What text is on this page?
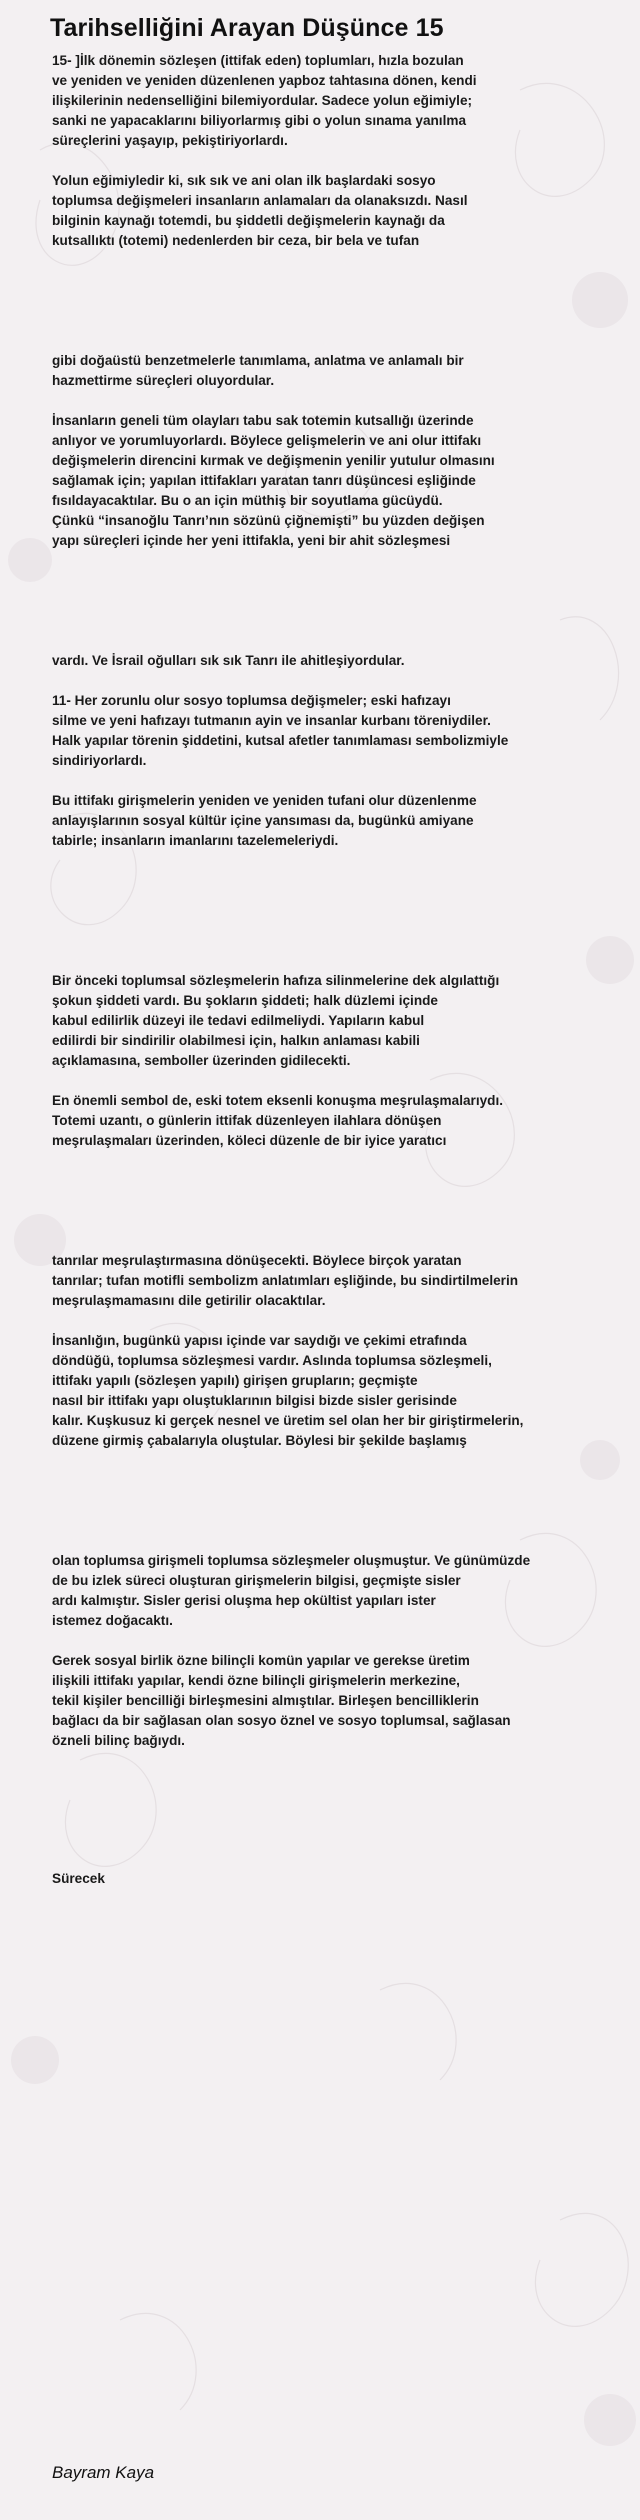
Tarihselliğini Arayan Düşünce 15
15- ]İlk dönemin sözleşen (ittifak eden) toplumları, hızla bozulan
ve yeniden ve yeniden düzenlenen yapboz tahtasına dönen, kendi
ilişkilerinin nedenselliğini bilemiyordular. Sadece yolun eğimiyle;
sanki ne yapacaklarını biliyorlarmış gibi o yolun sınama yanılma
süreçlerini yaşayıp, pekiştiriyorlardı.
Yolun eğimiyledir ki, sık sık ve ani olan ilk başlardaki sosyo
toplumsa değişmeleri insanların anlamaları da olanaksızdı. Nasıl
bilginin kaynağı totemdi, bu şiddetli değişmelerin kaynağı da
kutsallıktı (totemi) nedenlerden bir ceza, bir bela ve tufan
gibi doğaüstü benzetmelerle tanımlama, anlatma ve anlamalı bir
hazmettirme süreçleri oluyordular.
İnsanların geneli tüm olayları tabu sak totemin kutsallığı üzerinde
anlıyor ve yorumluyorlardı. Böylece gelişmelerin ve ani olur ittifakı
değişmelerin direncini kırmak ve değişmenin yenilir yutulur olmasını
sağlamak için; yapılan ittifakları yaratan tanrı düşüncesi eşliğinde
fısıldayacaktılar. Bu o an için müthiş bir soyutlama gücüydü.
Çünkü “insanoğlu Tanrı’nın sözünü çiğnemişti” bu yüzden değişen
yapı süreçleri içinde her yeni ittifakla, yeni bir ahit sözleşmesi
vardı. Ve İsrail oğulları sık sık Tanrı ile ahitleşiyordular.
11- Her zorunlu olur sosyo toplumsa değişmeler; eski hafızayı
silme ve yeni hafızayı tutmanın ayin ve insanlar kurbanı töreniydiler.
Halk yapılar törenin şiddetini, kutsal afetler tanımlaması sembolizmiyle
sindiriyorlardı.
Bu ittifakı girişmelerin yeniden ve yeniden tufani olur düzenlenme
anlayışlarının sosyal kültür içine yansıması da, bugünkü amiyane
tabirle; insanların imanlarını tazelemeleriydi.
Bir önceki toplumsal sözleşmelerin hafıza silinmelerine dek algılattığı
şokun şiddeti vardı. Bu şokların şiddeti; halk düzlemi içinde
kabul edilirlik düzeyi ile tedavi edilmeliydi. Yapıların kabul
edilirdi bir sindirilir olabilmesi için, halkın anlaması kabili
açıklamasına, semboller üzerinden gidilecekti.
En önemli sembol de, eski totem eksenli konuşma meşrulaşmalarıydı.
Totemi uzantı, o günlerin ittifak düzenleyen ilahlara dönüşen
meşrulaşmaları üzerinden, köleci düzenle de bir iyice yaratıcı
tanrılar meşrulaştırmasına dönüşecekti. Böylece birçok yaratan
tanrılar; tufan motifli sembolizm anlatımları eşliğinde, bu sindirtilmelerin
meşrulaşmamasını dile getirilir olacaktılar.
İnsanlığın, bugünkü yapısı içinde var saydığı ve çekimi etrafında
döndüğü, toplumsa sözleşmesi vardır. Aslında toplumsa sözleşmeli,
ittifakı yapılı (sözleşen yapılı) girişen grupların; geçmişte
nasıl bir ittifakı yapı oluştuklarının bilgisi bizde sisler gerisinde
kalır. Kuşkusuz ki gerçek nesnel ve üretim sel olan her bir giriştirmelerin,
düzene girmiş çabalarıyla oluştular. Böylesi bir şekilde başlamış
olan toplumsa girişmeli toplumsa sözleşmeler oluşmuştur. Ve günümüzde
de bu izlek süreci oluşturan girişmelerin bilgisi, geçmişte sisler
ardı kalmıştır. Sisler gerisi oluşma hep okültist yapıları ister
istemez doğacaktı.
Gerek sosyal birlik özne bilinçli komün yapılar ve gerekse üretim
ilişkili ittifakı yapılar, kendi özne bilinçli girişmelerin merkezine,
tekil kişiler bencilliği birleşmesini almıştılar. Birleşen bencilliklerin
bağlacı da bir sağlasan olan sosyo öznel ve sosyo toplumsal, sağlasan
özneli bilinç bağıydı.
Sürecek
Bayram Kaya
